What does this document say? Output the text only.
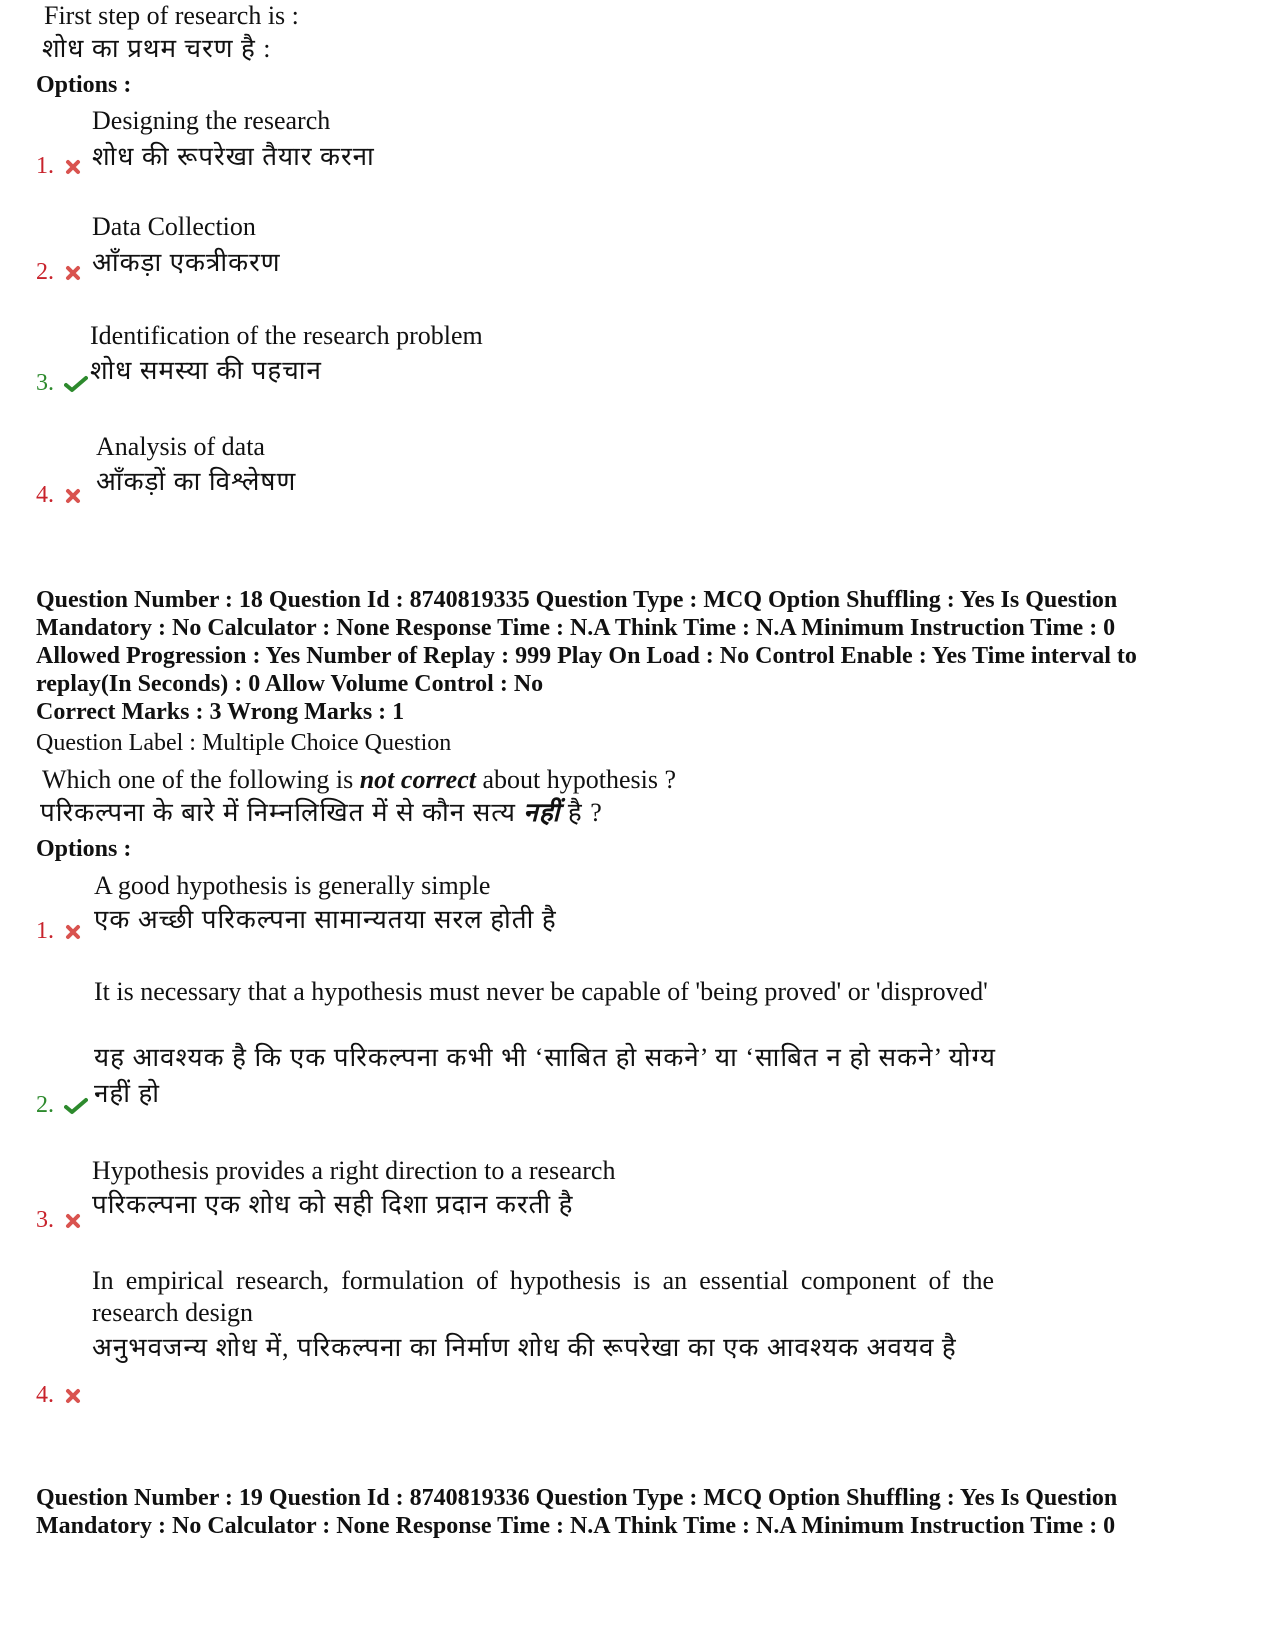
First step of research is :
शोध का प्रथम चरण है :
Options :
Designing the research
शोध की रूपरेखा तैयार करना
1.
Data Collection
आँकड़ा एकत्रीकरण
2.
Identification of the research problem
शोध समस्या की पहचान
3.
Analysis of data
आँकड़ों का विश्लेषण
4.
Question Number : 18 Question Id : 8740819335 Question Type : MCQ Option Shuffling : Yes Is Question
Mandatory : No Calculator : None Response Time : N.A Think Time : N.A Minimum Instruction Time : 0
Allowed Progression : Yes Number of Replay : 999 Play On Load : No Control Enable : Yes Time interval to
replay(In Seconds) : 0 Allow Volume Control : No
Correct Marks : 3 Wrong Marks : 1
Question Label : Multiple Choice Question
Which one of the following is not correct about hypothesis ?
परिकल्पना के बारे में निम्नलिखित में से कौन सत्य नहीं है ?
Options :
A good hypothesis is generally simple
एक अच्छी परिकल्पना सामान्यतया सरल होती है
1.
It is necessary that a hypothesis must never be capable of 'being proved' or 'disproved'
यह आवश्यक है कि एक परिकल्पना कभी भी ‘साबित हो सकने’ या ‘साबित न हो सकने’ योग्य नहीं हो
2.
Hypothesis provides a right direction to a research
परिकल्पना एक शोध को सही दिशा प्रदान करती है
3.
In empirical research, formulation of hypothesis is an essential component of the research design
अनुभवजन्य शोध में, परिकल्पना का निर्माण शोध की रूपरेखा का एक आवश्यक अवयव है
4.
Question Number : 19 Question Id : 8740819336 Question Type : MCQ Option Shuffling : Yes Is Question
Mandatory : No Calculator : None Response Time : N.A Think Time : N.A Minimum Instruction Time : 0
